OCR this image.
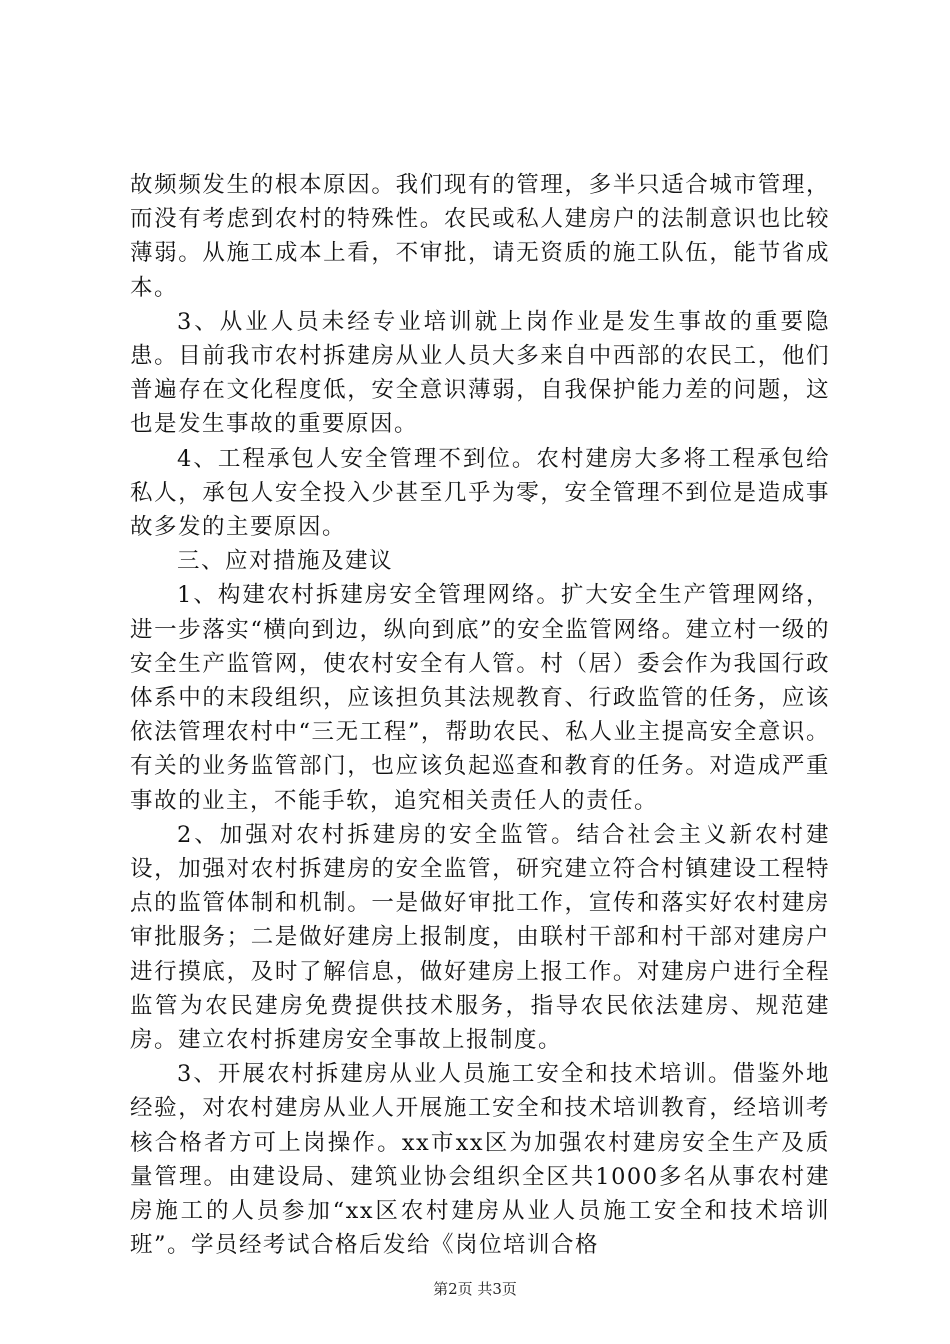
故频频发生的根本原因。我们现有的管理，多半只适合城市管理，而没有考虑到农村的特殊性。农民或私人建房户的法制意识也比较薄弱。从施工成本上看，不审批，请无资质的施工队伍，能节省成本。

3、从业人员未经专业培训就上岗作业是发生事故的重要隐患。目前我市农村拆建房从业人员大多来自中西部的农民工，他们普遍存在文化程度低，安全意识薄弱，自我保护能力差的问题，这也是发生事故的重要原因。

4、工程承包人安全管理不到位。农村建房大多将工程承包给私人，承包人安全投入少甚至几乎为零，安全管理不到位是造成事故多发的主要原因。

三、应对措施及建议

1、构建农村拆建房安全管理网络。扩大安全生产管理网络，进一步落实“横向到边，纵向到底”的安全监管网络。建立村一级的安全生产监管网，使农村安全有人管。村（居）委会作为我国行政体系中的末段组织，应该担负其法规教育、行政监管的任务，应该依法管理农村中“三无工程”，帮助农民、私人业主提高安全意识。有关的业务监管部门，也应该负起巡查和教育的任务。对造成严重事故的业主，不能手软，追究相关责任人的责任。

2、加强对农村拆建房的安全监管。结合社会主义新农村建设，加强对农村拆建房的安全监管，研究建立符合村镇建设工程特点的监管体制和机制。一是做好审批工作，宣传和落实好农村建房审批服务；二是做好建房上报制度，由联村干部和村干部对建房户进行摸底，及时了解信息，做好建房上报工作。对建房户进行全程监管为农民建房免费提供技术服务，指导农民依法建房、规范建房。建立农村拆建房安全事故上报制度。

3、开展农村拆建房从业人员施工安全和技术培训。借鉴外地经验，对农村建房从业人开展施工安全和技术培训教育，经培训考核合格者方可上岗操作。xx市xx区为加强农村建房安全生产及质量管理。由建设局、建筑业协会组织全区共1000多名从事农村建房施工的人员参加“xx区农村建房从业人员施工安全和技术培训班”。学员经考试合格后发给《岗位培训合格

第2页 共3页
